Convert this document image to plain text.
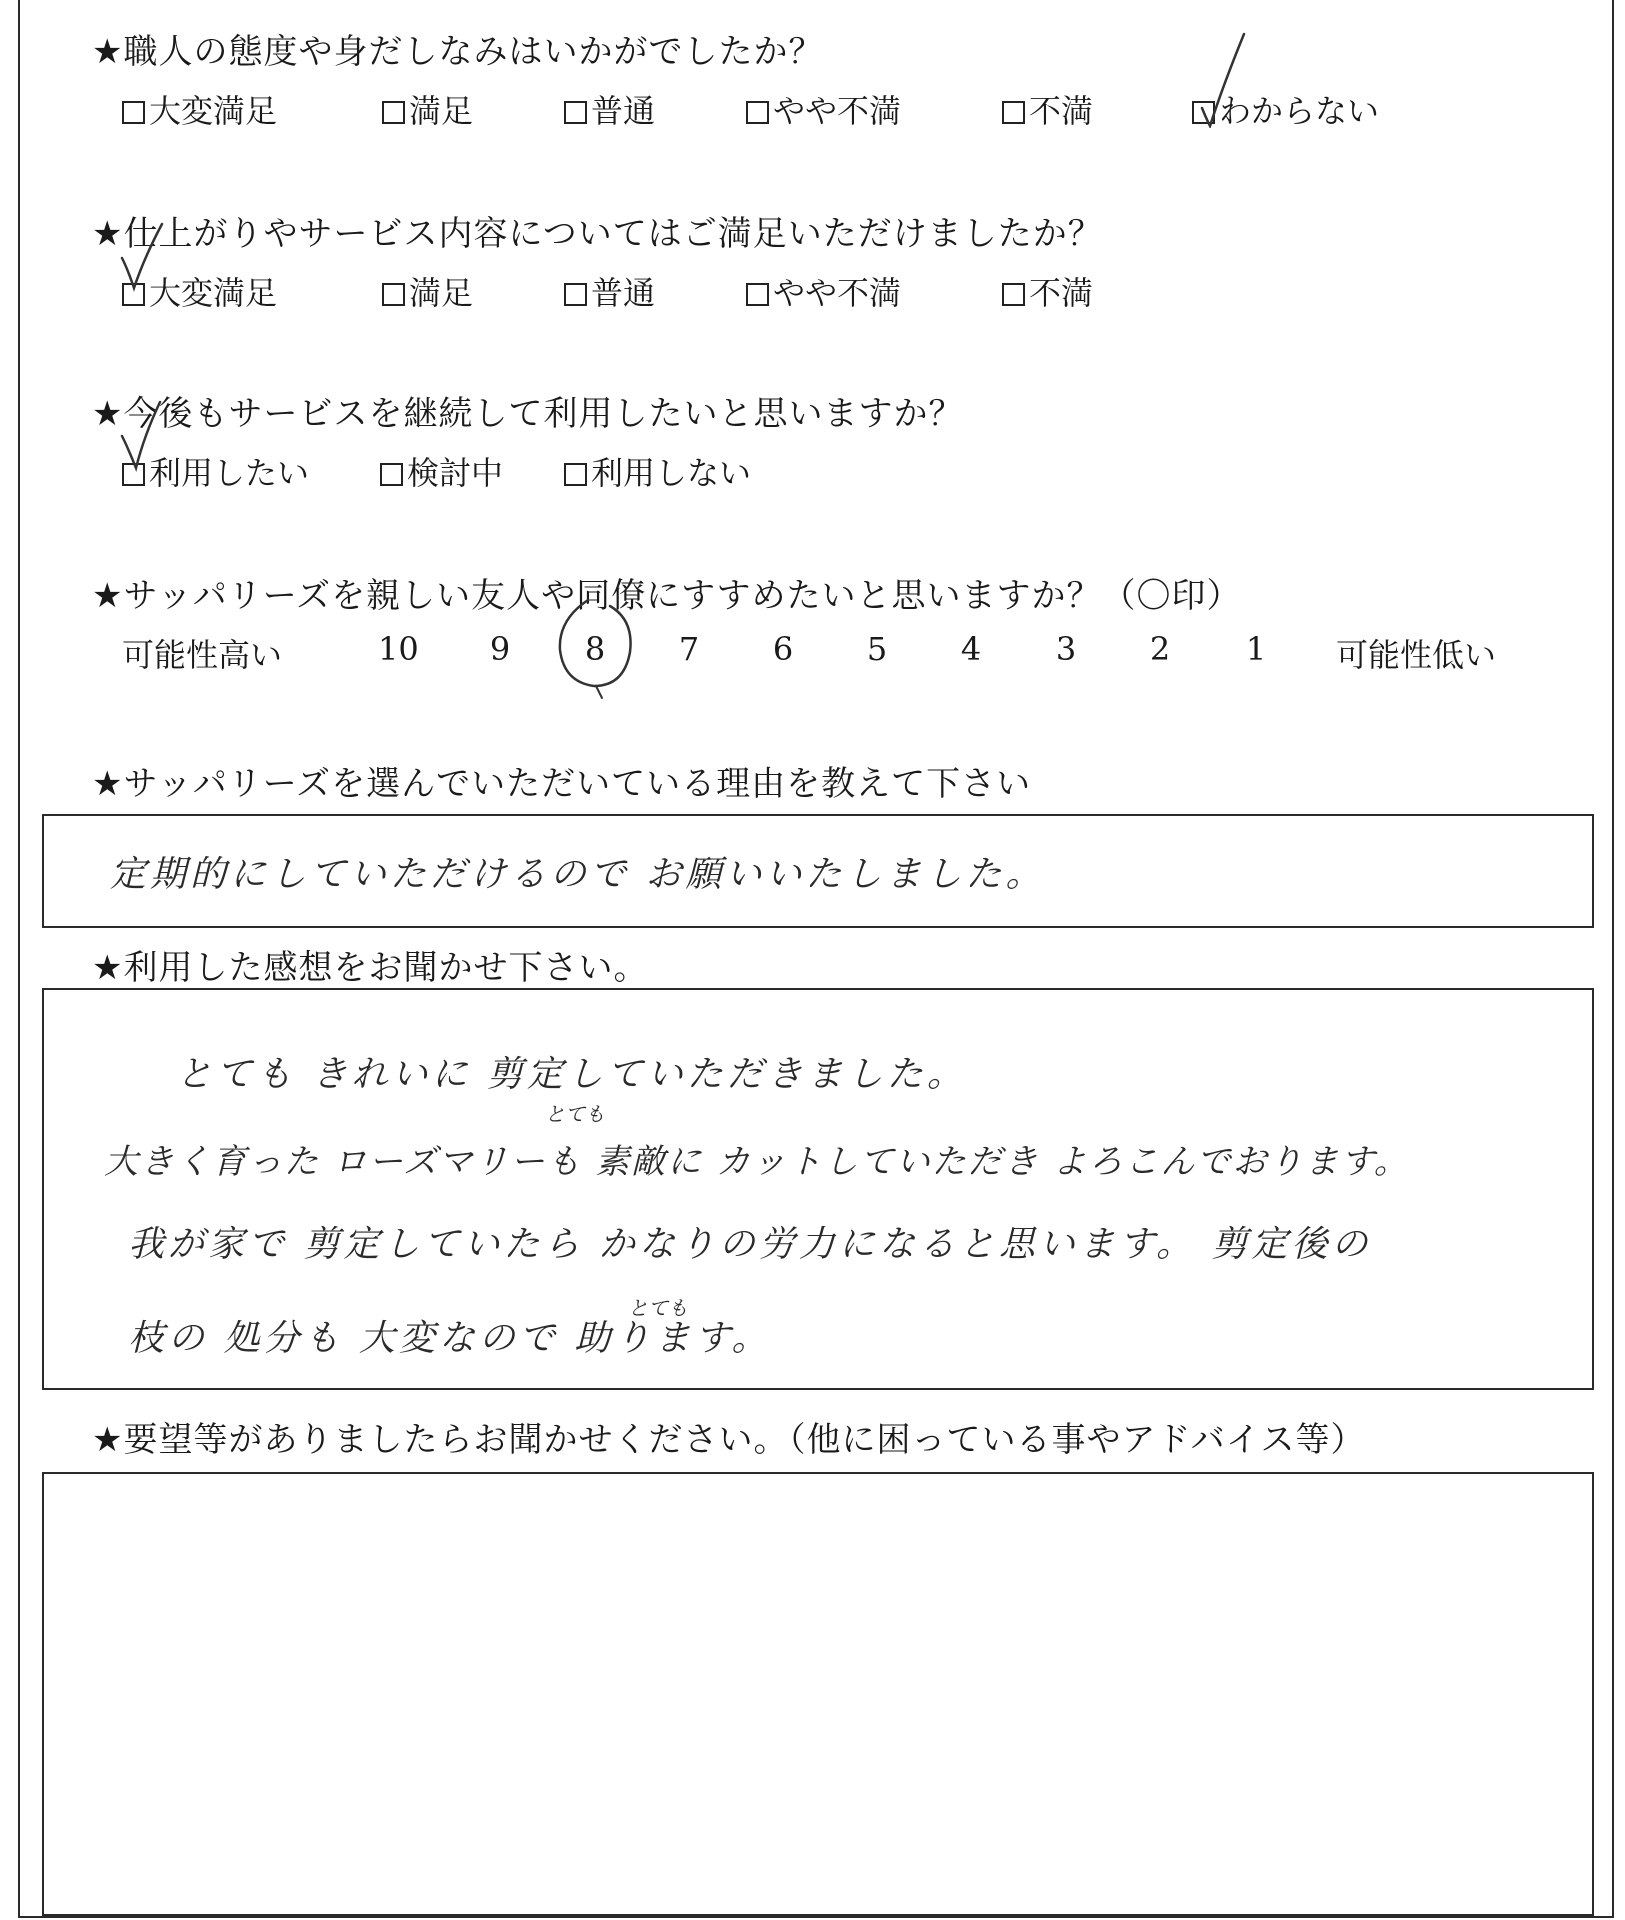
★職人の態度や身だしなみはいかがでしたか？
大変満足	満足	普通	やや不満	不満	わからない
★仕上がりやサービス内容についてはご満足いただけましたか？
大変満足	満足	普通	やや不満	不満
★今後もサービスを継続して利用したいと思いますか？
利用したい	検討中	利用しない
★サッパリーズを親しい友人や同僚にすすめたいと思いますか？（〇印）
可能性高い	10	9	8	7	6	5	4	3	2	1	可能性低い
★サッパリーズを選んでいただいている理由を教えて下さい
定期的にしていただけるので お願いいたしました。
★利用した感想をお聞かせ下さい。
とても きれいに 剪定していただきました。
とても
大きく育った ローズマリーも 素敵に カットしていただき よろこんでおります。
我が家で 剪定していたら かなりの労力になると思います。 剪定後の
とても
枝の 処分も 大変なので 助ります。
★要望等がありましたらお聞かせください。（他に困っている事やアドバイス等）
